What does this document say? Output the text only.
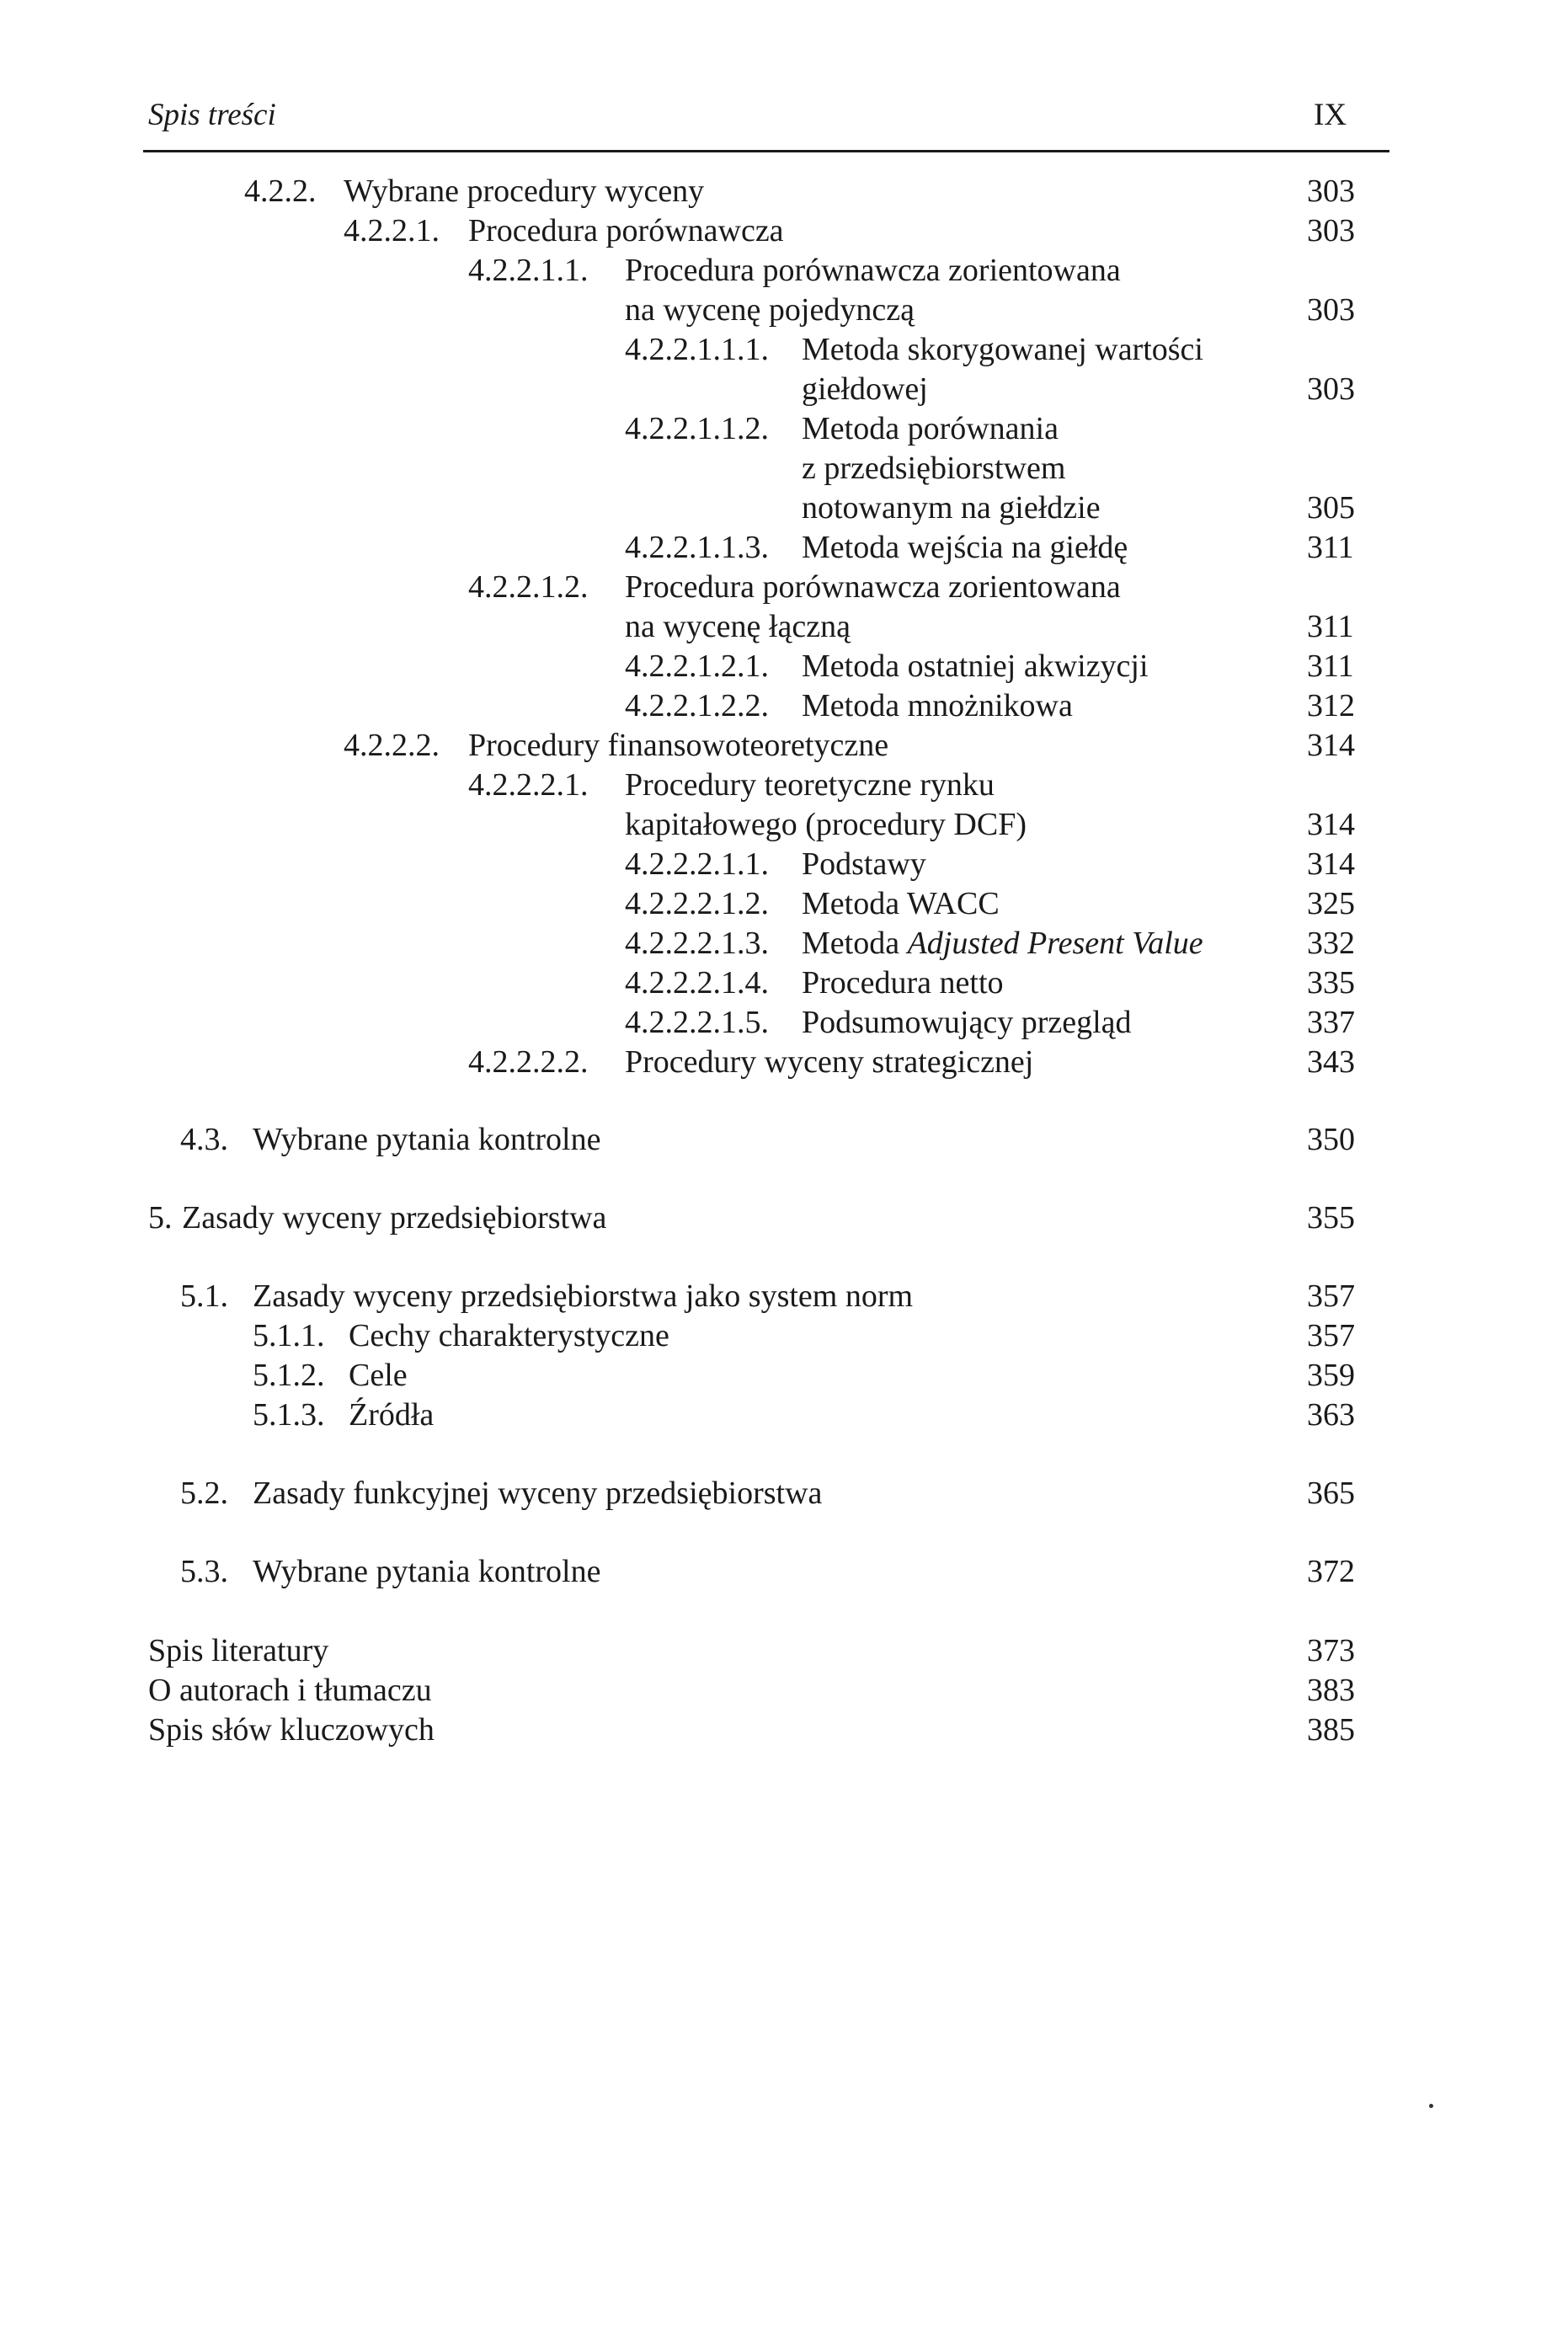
Spis treści	IX
4.2.2. Wybrane procedury wyceny	303
4.2.2.1. Procedura porównawcza	303
4.2.2.1.1. Procedura porównawcza zorientowana
na wycenę pojedynczą	303
4.2.2.1.1.1. Metoda skorygowanej wartości
giełdowej	303
4.2.2.1.1.2. Metoda porównania
z przedsiębiorstwem
notowanym na giełdzie	305
4.2.2.1.1.3. Metoda wejścia na giełdę	311
4.2.2.1.2. Procedura porównawcza zorientowana
na wycenę łączną	311
4.2.2.1.2.1. Metoda ostatniej akwizycji	311
4.2.2.1.2.2. Metoda mnożnikowa	312
4.2.2.2. Procedury finansowoteoretyczne	314
4.2.2.2.1. Procedury teoretyczne rynku
kapitałowego (procedury DCF)	314
4.2.2.2.1.1. Podstawy	314
4.2.2.2.1.2. Metoda WACC	325
4.2.2.2.1.3. Metoda Adjusted Present Value	332
4.2.2.2.1.4. Procedura netto	335
4.2.2.2.1.5. Podsumowujący przegląd	337
4.2.2.2.2. Procedury wyceny strategicznej	343
4.3. Wybrane pytania kontrolne	350
5. Zasady wyceny przedsiębiorstwa	355
5.1. Zasady wyceny przedsiębiorstwa jako system norm	357
5.1.1. Cechy charakterystyczne	357
5.1.2. Cele	359
5.1.3. Źródła	363
5.2. Zasady funkcyjnej wyceny przedsiębiorstwa	365
5.3. Wybrane pytania kontrolne	372
Spis literatury	373
O autorach i tłumaczu	383
Spis słów kluczowych	385
